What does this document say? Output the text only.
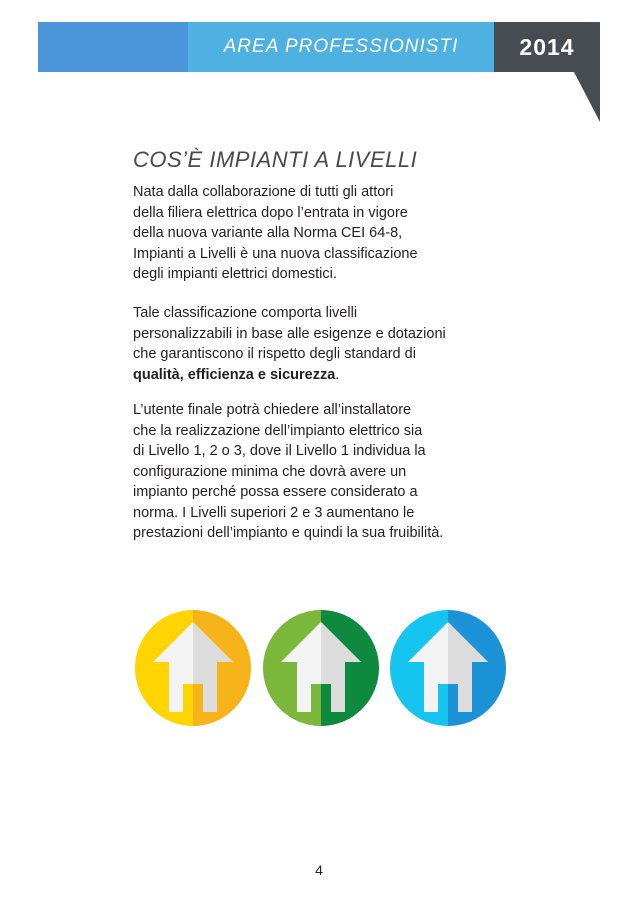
AREA PROFESSIONISTI	2014
COS’È IMPIANTI A LIVELLI

Nata dalla collaborazione di tutti gli attori
della filiera elettrica dopo l’entrata in vigore
della nuova variante alla Norma CEI 64-8,
Impianti a Livelli è una nuova classificazione
degli impianti elettrici domestici.

Tale classificazione comporta livelli
personalizzabili in base alle esigenze e dotazioni
che garantiscono il rispetto degli standard di
qualità, efficienza e sicurezza.

L’utente finale potrà chiedere all’installatore
che la realizzazione dell’impianto elettrico sia
di Livello 1, 2 o 3, dove il Livello 1 individua la
configurazione minima che dovrà avere un
impianto perché possa essere considerato a
norma. I Livelli superiori 2 e 3 aumentano le
prestazioni dell’impianto e quindi la sua fruibilità.

4
